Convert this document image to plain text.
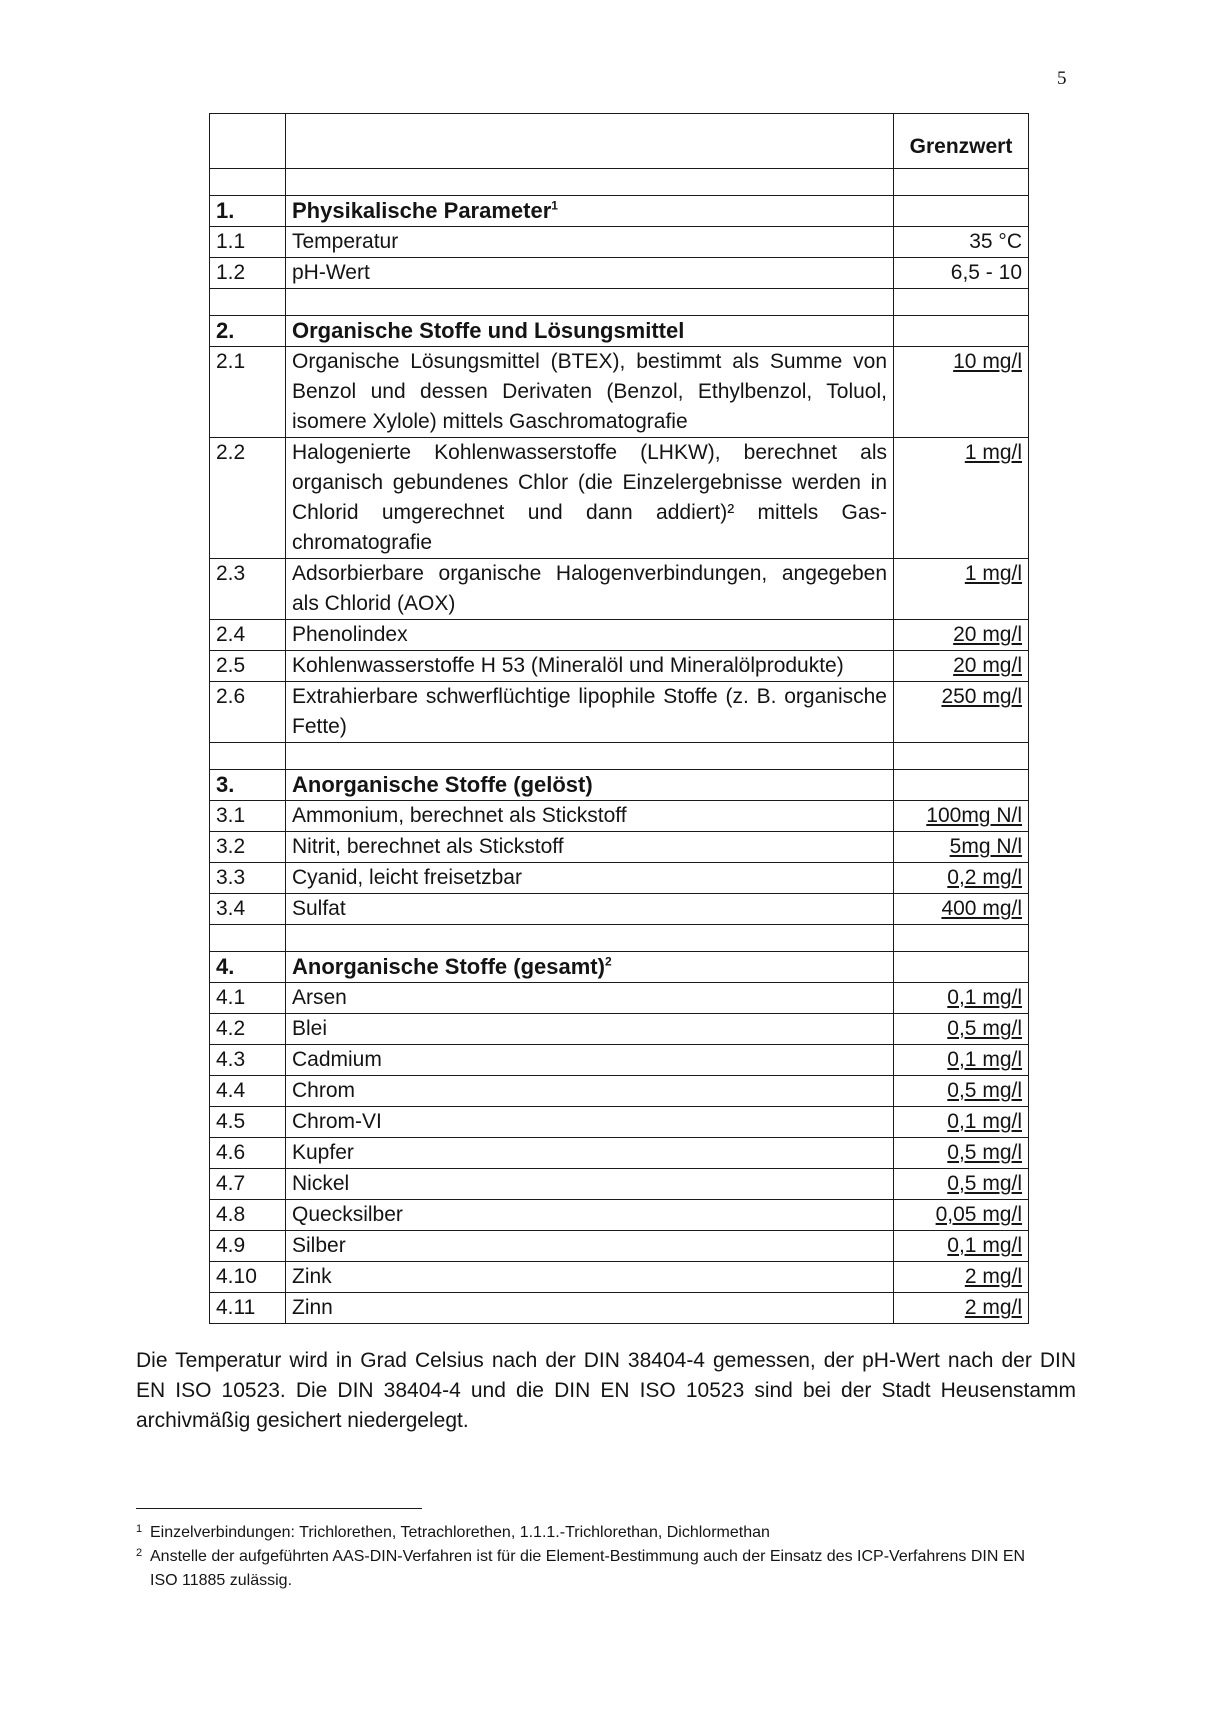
5
		Grenzwert

1.	Physikalische Parameter$^1$	
1.1	Temperatur	35 °C
1.2	pH-Wert	6,5 - 10

2.	Organische Stoffe und Lösungsmittel	
2.1	Organische Lösungsmittel (BTEX), bestimmt als Summe von Benzol und dessen Derivaten (Benzol, Ethylbenzol, Toluol, isomere Xylole) mittels Gaschromatografie	10 mg/l
2.2	Halogenierte Kohlenwasserstoffe (LHKW), berechnet als organisch gebundenes Chlor (die Einzelergebnisse werden in Chlorid umgerechnet und dann addiert)² mittels Gas-chromatografie	1 mg/l
2.3	Adsorbierbare organische Halogenverbindungen, angegeben als Chlorid (AOX)	1 mg/l
2.4	Phenolindex	20 mg/l
2.5	Kohlenwasserstoffe H 53 (Mineralöl und Mineralölprodukte)	20 mg/l
2.6	Extrahierbare schwerflüchtige lipophile Stoffe (z. B. organische Fette)	250 mg/l

3.	Anorganische Stoffe (gelöst)	
3.1	Ammonium, berechnet als Stickstoff	100mg N/l
3.2	Nitrit, berechnet als Stickstoff	5mg N/l
3.3	Cyanid, leicht freisetzbar	0,2 mg/l
3.4	Sulfat	400 mg/l

4.	Anorganische Stoffe (gesamt)$^2$	
4.1	Arsen	0,1 mg/l
4.2	Blei	0,5 mg/l
4.3	Cadmium	0,1 mg/l
4.4	Chrom	0,5 mg/l
4.5	Chrom-VI	0,1 mg/l
4.6	Kupfer	0,5 mg/l
4.7	Nickel	0,5 mg/l
4.8	Quecksilber	0,05 mg/l
4.9	Silber	0,1 mg/l
4.10	Zink	2 mg/l
4.11	Zinn	2 mg/l

Die Temperatur wird in Grad Celsius nach der DIN 38404-4 gemessen, der pH-Wert nach der DIN EN ISO 10523. Die DIN 38404-4 und die DIN EN ISO 10523 sind bei der Stadt Heusenstamm archivmäßig gesichert niedergelegt.

1 Einzelverbindungen: Trichlorethen, Tetrachlorethen, 1.1.1.-Trichlorethan, Dichlormethan
2 Anstelle der aufgeführten AAS-DIN-Verfahren ist für die Element-Bestimmung auch der Einsatz des ICP-Verfahrens DIN EN ISO 11885 zulässig.
